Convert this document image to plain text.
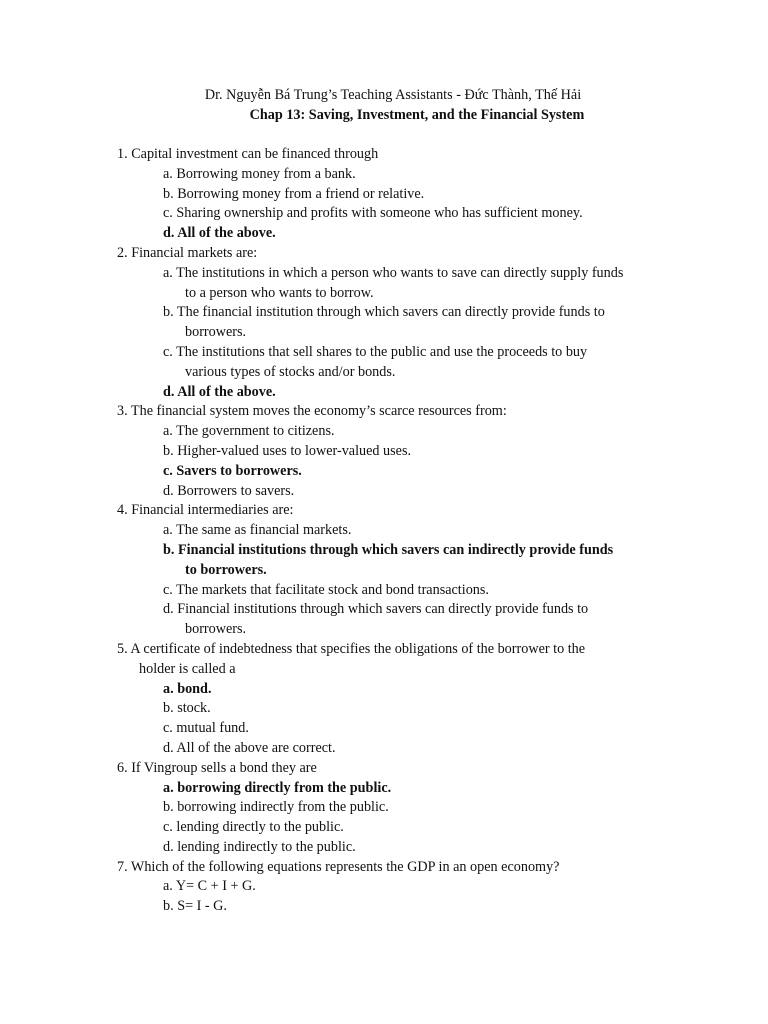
Dr. Nguyễn Bá Trung’s Teaching Assistants - Đức Thành, Thế Hải
Chap 13: Saving, Investment, and the Financial System

1. Capital investment can be financed through

a. Borrowing money from a bank.

b. Borrowing money from a friend or relative.

c. Sharing ownership and profits with someone who has sufficient money.

d. All of the above.

2. Financial markets are:

a. The institutions in which a person who wants to save can directly supply funds
to a person who wants to borrow.

b. The financial institution through which savers can directly provide funds to
borrowers.

c. The institutions that sell shares to the public and use the proceeds to buy
various types of stocks and/or bonds.

d. All of the above.

3. The financial system moves the economy’s scarce resources from:

a. The government to citizens.

b. Higher-valued uses to lower-valued uses.

c. Savers to borrowers.

d. Borrowers to savers.

4. Financial intermediaries are:

a. The same as financial markets.

b. Financial institutions through which savers can indirectly provide funds
to borrowers.

c. The markets that facilitate stock and bond transactions.

d. Financial institutions through which savers can directly provide funds to
borrowers.

5. A certificate of indebtedness that specifies the obligations of the borrower to the

holder is called a

a. bond.

b. stock.

c. mutual fund.

d. All of the above are correct.

6. If Vingroup sells a bond they are

a. borrowing directly from the public.

b. borrowing indirectly from the public.

c. lending directly to the public.

d. lending indirectly to the public.

7. Which of the following equations represents the GDP in an open economy?

a. Y= C + I + G.

b. S= I - G.
